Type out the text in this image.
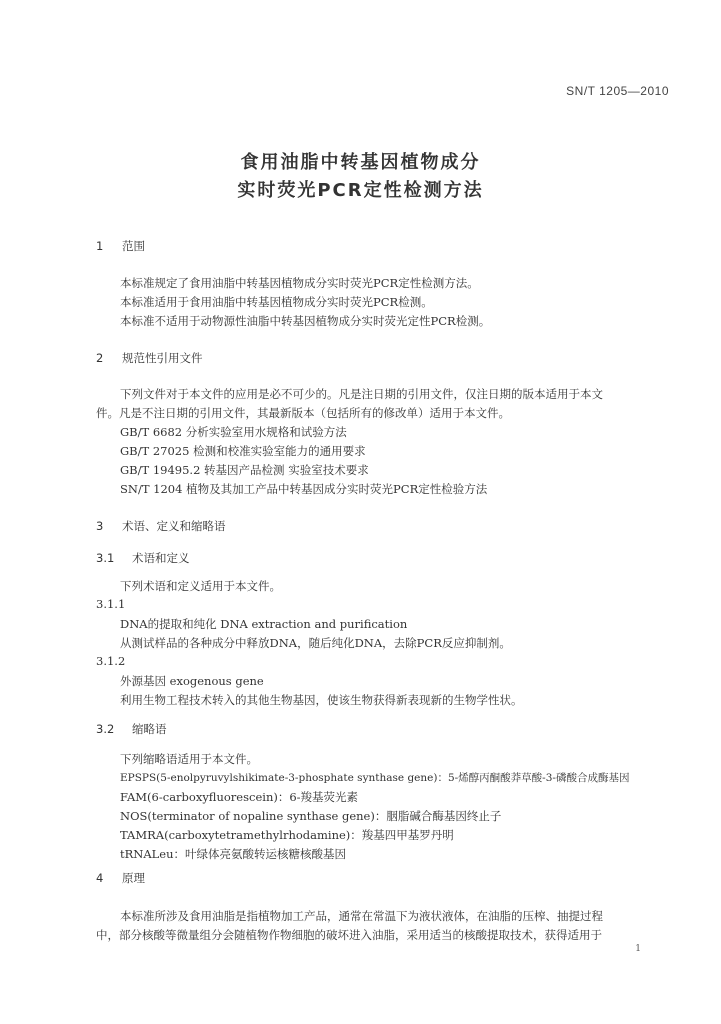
SN/T 1205—2010
食用油脂中转基因植物成分
实时荧光PCR定性检测方法
1 范围
本标准规定了食用油脂中转基因植物成分实时荧光PCR定性检测方法。
本标准适用于食用油脂中转基因植物成分实时荧光PCR检测。
本标准不适用于动物源性油脂中转基因植物成分实时荧光定性PCR检测。
2 规范性引用文件
下列文件对于本文件的应用是必不可少的。凡是注日期的引用文件，仅注日期的版本适用于本文
件。凡是不注日期的引用文件，其最新版本（包括所有的修改单）适用于本文件。
GB/T 6682 分析实验室用水规格和试验方法
GB/T 27025 检测和校准实验室能力的通用要求
GB/T 19495.2 转基因产品检测 实验室技术要求
SN/T 1204 植物及其加工产品中转基因成分实时荧光PCR定性检验方法
3 术语、定义和缩略语
3.1 术语和定义
下列术语和定义适用于本文件。
3.1.1
DNA的提取和纯化 DNA extraction and purification
从测试样品的各种成分中释放DNA，随后纯化DNA，去除PCR反应抑制剂。
3.1.2
外源基因 exogenous gene
利用生物工程技术转入的其他生物基因，使该生物获得新表现新的生物学性状。
3.2 缩略语
下列缩略语适用于本文件。
EPSPS(5-enolpyruvylshikimate-3-phosphate synthase gene)：5-烯醇丙酮酸莽草酸-3-磷酸合成酶基因
FAM(6-carboxyfluorescein)：6-羧基荧光素
NOS(terminator of nopaline synthase gene)：胭脂碱合酶基因终止子
TAMRA(carboxytetramethylrhodamine)：羧基四甲基罗丹明
tRNALeu：叶绿体亮氨酸转运核糖核酸基因
4 原理
本标准所涉及食用油脂是指植物加工产品，通常在常温下为液状液体，在油脂的压榨、抽提过程
中，部分核酸等微量组分会随植物作物细胞的破坏进入油脂，采用适当的核酸提取技术，获得适用于
1
